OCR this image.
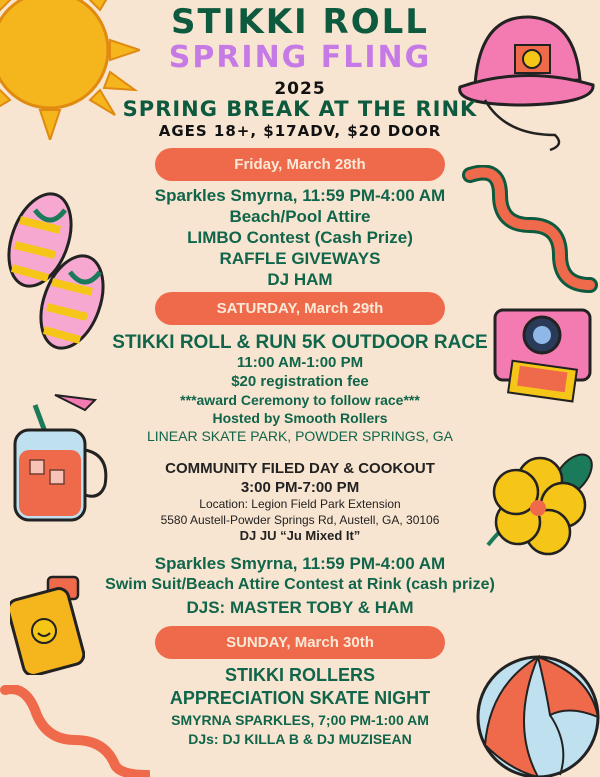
STIKKI ROLL
SPRING FLING
2025
SPRING BREAK AT THE RINK
AGES 18+, $17ADV, $20 DOOR
Friday, March 28th
Sparkles Smyrna, 11:59 PM-4:00 AM
Beach/Pool Attire
LIMBO Contest (Cash Prize)
RAFFLE GIVEWAYS
DJ HAM
SATURDAY, March 29th
STIKKI ROLL & RUN 5K OUTDOOR RACE
11:00 AM-1:00 PM
$20 registration fee
***award Ceremony to follow race***
Hosted by Smooth Rollers
LINEAR SKATE PARK, POWDER SPRINGS, GA
COMMUNITY FILED DAY & COOKOUT
3:00 PM-7:00 PM
Location: Legion Field Park Extension
5580 Austell-Powder Springs Rd, Austell, GA, 30106
DJ JU “Ju Mixed It”
Sparkles Smyrna, 11:59 PM-4:00 AM
Swim Suit/Beach Attire Contest at Rink (cash prize)
DJS: MASTER TOBY & HAM
SUNDAY, March 30th
STIKKI ROLLERS
APPRECIATION SKATE NIGHT
SMYRNA SPARKLES, 7;00 PM-1:00 AM
DJs: DJ KILLA B & DJ MUZISEAN
